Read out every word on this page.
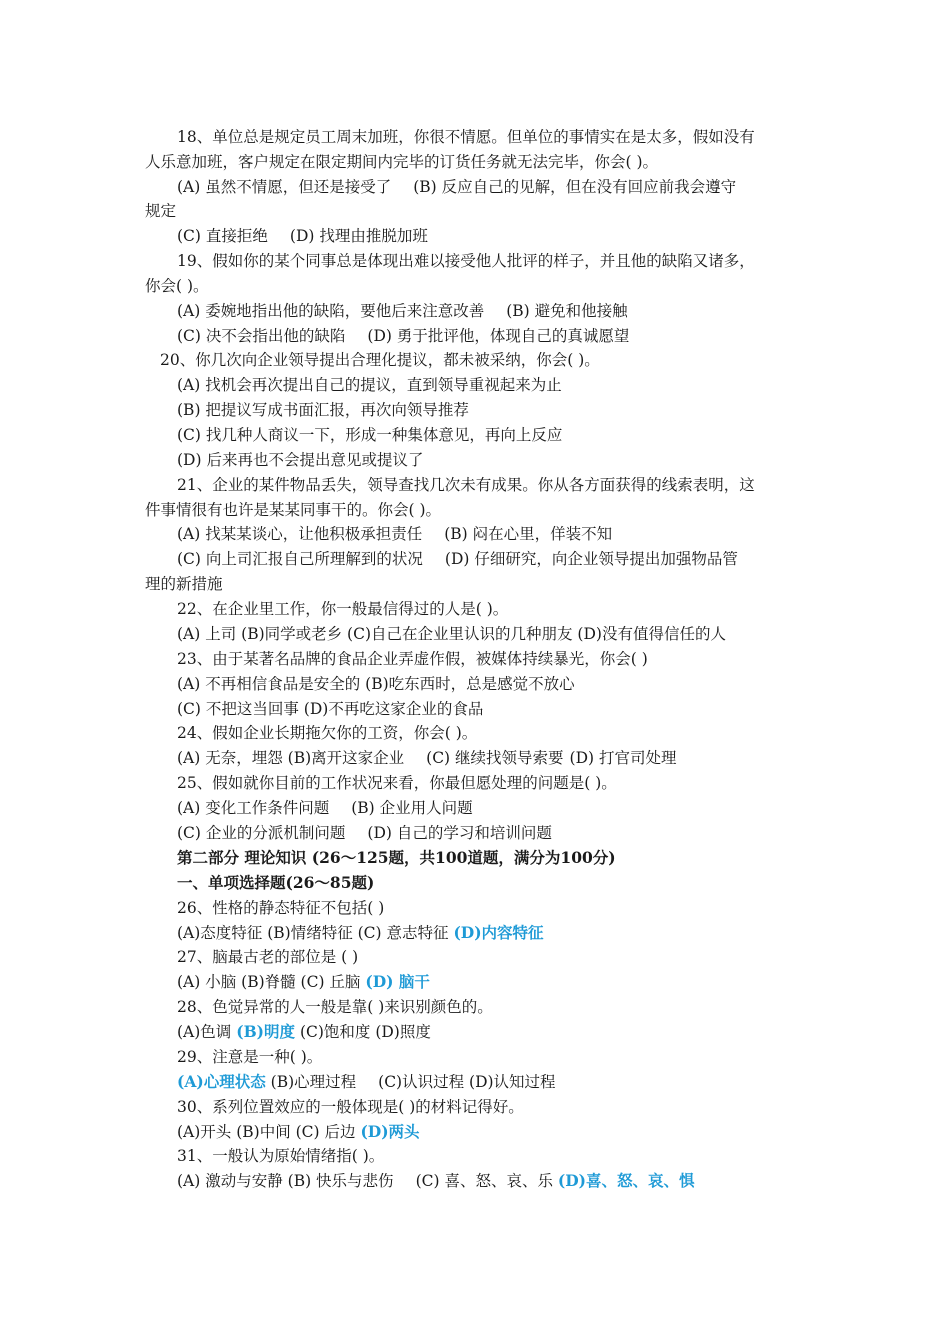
18、单位总是规定员工周末加班，你很不情愿。但单位的事情实在是太多，假如没有
人乐意加班，客户规定在限定期间内完毕的订货任务就无法完毕，你会( )。
(A) 虽然不情愿，但还是接受了 (B) 反应自己的见解，但在没有回应前我会遵守
规定
(C) 直接拒绝 (D) 找理由推脱加班
19、假如你的某个同事总是体现出难以接受他人批评的样子，并且他的缺陷又诸多，
你会( )。
(A) 委婉地指出他的缺陷，要他后来注意改善 (B) 避免和他接触
(C) 决不会指出他的缺陷 (D) 勇于批评他，体现自己的真诚愿望
20、你几次向企业领导提出合理化提议，都未被采纳，你会( )。
(A) 找机会再次提出自己的提议，直到领导重视起来为止
(B) 把提议写成书面汇报，再次向领导推荐
(C) 找几种人商议一下，形成一种集体意见，再向上反应
(D) 后来再也不会提出意见或提议了
21、企业的某件物品丢失，领导查找几次未有成果。你从各方面获得的线索表明，这
件事情很有也许是某某同事干的。你会( )。
(A) 找某某谈心，让他积极承担责任 (B) 闷在心里，佯装不知
(C) 向上司汇报自己所理解到的状况 (D) 仔细研究，向企业领导提出加强物品管
理的新措施
22、在企业里工作，你一般最信得过的人是( )。
(A) 上司 (B)同学或老乡 (C)自己在企业里认识的几种朋友 (D)没有值得信任的人
23、由于某著名品牌的食品企业弄虚作假，被媒体持续暴光，你会( )
(A) 不再相信食品是安全的 (B)吃东西时，总是感觉不放心
(C) 不把这当回事 (D)不再吃这家企业的食品
24、假如企业长期拖欠你的工资，你会( )。
(A) 无奈，埋怨 (B)离开这家企业 (C) 继续找领导索要 (D) 打官司处理
25、假如就你目前的工作状况来看，你最但愿处理的问题是( )。
(A) 变化工作条件问题 (B) 企业用人问题
(C) 企业的分派机制问题 (D) 自己的学习和培训问题
第二部分 理论知识 (26～125题，共100道题，满分为100分)
一、单项选择题(26～85题)
26、性格的静态特征不包括( )
(A)态度特征 (B)情绪特征 (C) 意志特征 (D)内容特征
27、脑最古老的部位是 ( )
(A) 小脑 (B)脊髓 (C) 丘脑 (D) 脑干
28、色觉异常的人一般是靠( )来识别颜色的。
(A)色调 (B)明度 (C)饱和度 (D)照度
29、注意是一种( )。
(A)心理状态 (B)心理过程 (C)认识过程 (D)认知过程
30、系列位置效应的一般体现是( )的材料记得好。
(A)开头 (B)中间 (C) 后边 (D)两头
31、一般认为原始情绪指( )。
(A) 激动与安静 (B) 快乐与悲伤 (C) 喜、怒、哀、乐 (D)喜、怒、哀、惧
